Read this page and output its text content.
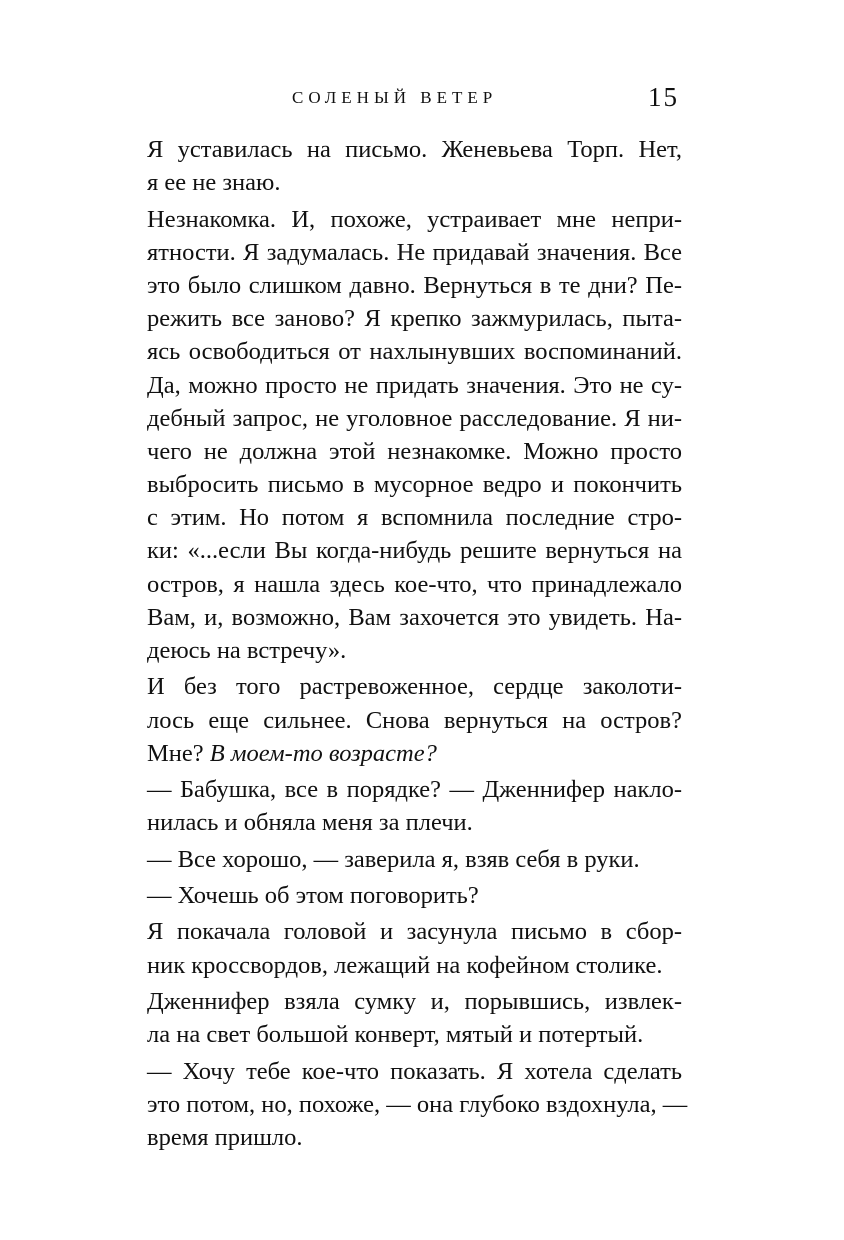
СОЛЕНЫЙ ВЕТЕР	15
Я уставилась на письмо. Женевьева Торп. Нет,
я ее не знаю.
Незнакомка. И, похоже, устраивает мне непри-
ятности. Я задумалась. Не придавай значения. Все
это было слишком давно. Вернуться в те дни? Пе-
режить все заново? Я крепко зажмурилась, пыта-
ясь освободиться от нахлынувших воспоминаний.
Да, можно просто не придать значения. Это не су-
дебный запрос, не уголовное расследование. Я ни-
чего не должна этой незнакомке. Можно просто
выбросить письмо в мусорное ведро и покончить
с этим. Но потом я вспомнила последние стро-
ки: «...если Вы когда-нибудь решите вернуться на
остров, я нашла здесь кое-что, что принадлежало
Вам, и, возможно, Вам захочется это увидеть. На-
деюсь на встречу».
И без того растревоженное, сердце заколоти-
лось еще сильнее. Снова вернуться на остров?
Мне? В моем-то возрасте?
— Бабушка, все в порядке? — Дженнифер накло-
нилась и обняла меня за плечи.
— Все хорошо, — заверила я, взяв себя в руки.
— Хочешь об этом поговорить?
Я покачала головой и засунула письмо в сбор-
ник кроссвордов, лежащий на кофейном столике.
Дженнифер взяла сумку и, порывшись, извлек-
ла на свет большой конверт, мятый и потертый.
— Хочу тебе кое-что показать. Я хотела сделать
это потом, но, похоже, — она глубоко вздохнула, —
время пришло.
